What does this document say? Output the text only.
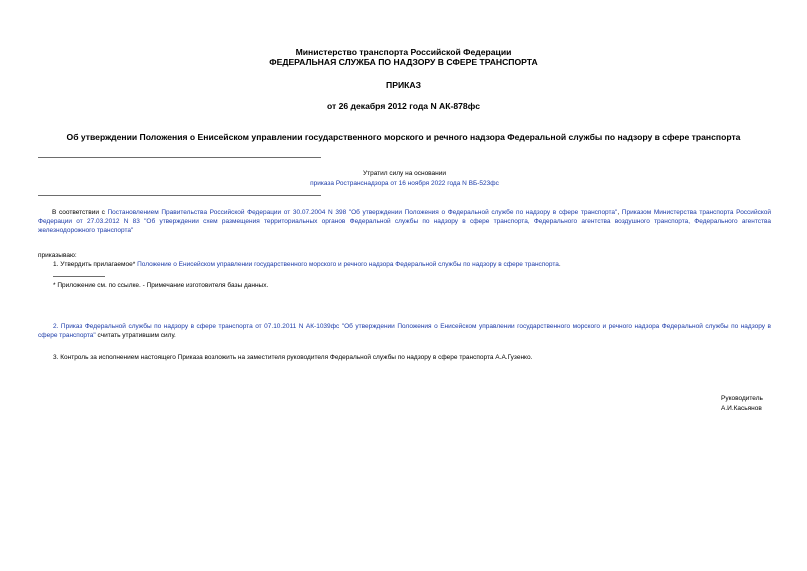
Министерство транспорта Российской Федерации
ФЕДЕРАЛЬНАЯ СЛУЖБА ПО НАДЗОРУ В СФЕРЕ ТРАНСПОРТА
ПРИКАЗ
от 26 декабря 2012 года N АК-878фс
Об утверждении Положения о Енисейском управлении государственного морского и речного надзора Федеральной службы по надзору в сфере транспорта
Утратил силу на основании
приказа Ространснадзора от 16 ноября 2022 года N ВБ-523фс
В соответствии с Постановлением Правительства Российской Федерации от 30.07.2004 N 398 "Об утверждении Положения о Федеральной службе по надзору в сфере транспорта", Приказом Министерства транспорта Российской Федерации от 27.03.2012 N 83 "Об утверждении схем размещения территориальных органов Федеральной службы по надзору в сфере транспорта, Федерального агентства воздушного транспорта, Федерального агентства железнодорожного транспорта"
приказываю:
1. Утвердить прилагаемое* Положение о Енисейском управлении государственного морского и речного надзора Федеральной службы по надзору в сфере транспорта.
* Приложение см. по ссылке. - Примечание изготовителя базы данных.
2. Приказ Федеральной службы по надзору в сфере транспорта от 07.10.2011 N АК-1039фс "Об утверждении Положения о Енисейском управлении государственного морского и речного надзора Федеральной службы по надзору в сфере транспорта" считать утратившим силу.
3. Контроль за исполнением настоящего Приказа возложить на заместителя руководителя Федеральной службы по надзору в сфере транспорта А.А.Гузенко.
Руководитель
А.И.Касьянов
